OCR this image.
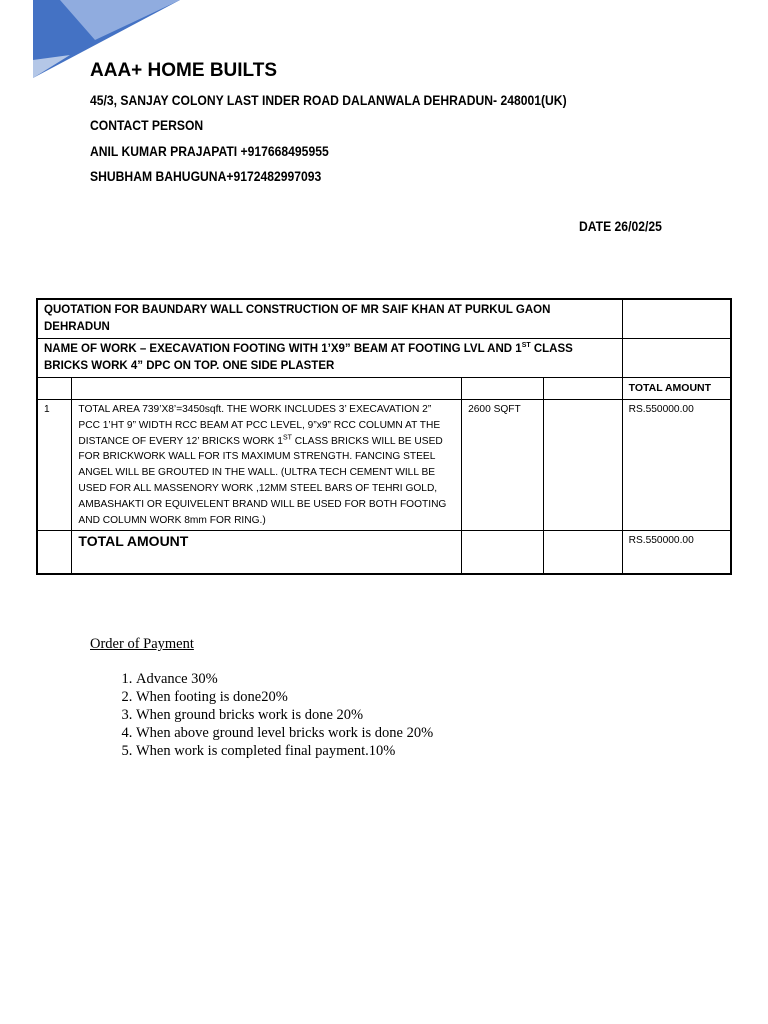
AAA+ HOME BUILTS
45/3, SANJAY COLONY LAST INDER ROAD DALANWALA DEHRADUN- 248001(UK)
CONTACT PERSON
ANIL KUMAR PRAJAPATI +917668495955
SHUBHAM BAHUGUNA+9172482997093
DATE 26/02/25
QUOTATION FOR BAUNDARY WALL CONSTRUCTION OF MR SAIF KHAN AT PURKUL GAON DEHRADUN				
NAME OF WORK – EXECAVATION FOOTING WITH 1’X9” BEAM AT FOOTING LVL AND 1ST CLASS BRICKS WORK 4” DPC ON TOP. ONE SIDE PLASTER				
				TOTAL AMOUNT
1	TOTAL AREA 739’X8’=3450sqft. THE WORK INCLUDES 3’ EXECAVATION 2” PCC 1’HT 9” WIDTH RCC BEAM AT PCC LEVEL, 9”x9” RCC COLUMN AT THE DISTANCE OF EVERY 12’ BRICKS WORK 1ST CLASS BRICKS WILL BE USED FOR BRICKWORK WALL FOR ITS MAXIMUM STRENGTH. FANCING STEEL ANGEL WILL BE GROUTED IN THE WALL. (ULTRA TECH CEMENT WILL BE USED FOR ALL MASSENORY WORK ,12MM STEEL BARS OF TEHRI GOLD, AMBASHAKTI OR EQUIVELENT BRAND WILL BE USED FOR BOTH FOOTING AND COLUMN WORK 8mm FOR RING.)	2600 SQFT		RS.550000.00
	TOTAL AMOUNT			RS.550000.00
Order of Payment
1. Advance 30%
2. When footing is done20%
3. When ground bricks work is done 20%
4. When above ground level bricks work is done 20%
5. When work is completed final payment.10%
